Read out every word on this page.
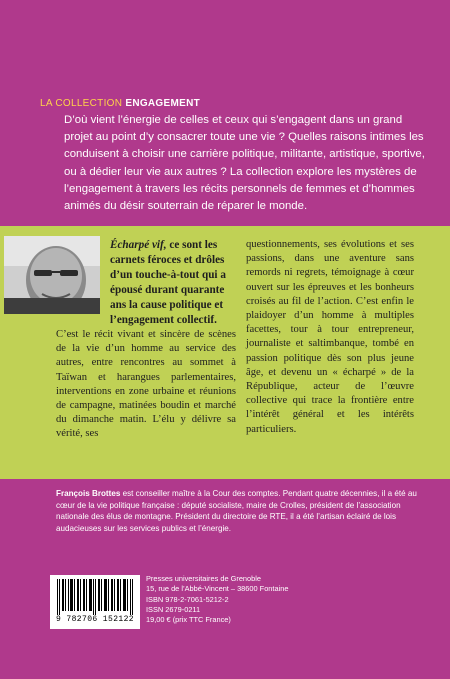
LA COLLECTION ENGAGEMENT

D’où vient l’énergie de celles et ceux qui s’engagent dans un grand projet au point d’y consacrer toute une vie ? Quelles raisons intimes les conduisent à choisir une carrière politique, militante, artistique, sportive, ou à dédier leur vie aux autres ? La collection explore les mystères de l’engagement à travers les récits personnels de femmes et d’hommes animés du désir souterrain de réparer le monde.

Écharpé vif, ce sont les carnets féroces et drôles d’un touche-à-tout qui a épousé durant quarante ans la cause politique et l’engagement collectif.

C’est le récit vivant et sincère de scènes de la vie d’un homme au service des autres, entre rencontres au sommet à Taïwan et harangues parlementaires, interventions en zone urbaine et réunions de campagne, matinées boudin et marché du dimanche matin. L’élu y délivre sa vérité, ses

questionnements, ses évolutions et ses passions, dans une aventure sans remords ni regrets, témoignage à cœur ouvert sur les épreuves et les bonheurs croisés au fil de l’action. C’est enfin le plaidoyer d’un homme à multiples facettes, tour à tour entrepreneur, journaliste et saltimbanque, tombé en passion politique dès son plus jeune âge, et devenu un « écharpé » de la République, acteur de l’œuvre collective qui trace la frontière entre l’intérêt général et les intérêts particuliers.

François Brottes est conseiller maître à la Cour des comptes. Pendant quatre décennies, il a été au cœur de la vie politique française : député socialiste, maire de Crolles, président de l’association nationale des élus de montagne. Président du directoire de RTE, il a été l’artisan éclairé de lois audacieuses sur les services publics et l’énergie.

9 782706 152122
Presses universitaires de Grenoble
15, rue de l’Abbé-Vincent – 38600 Fontaine
ISBN 978-2-7061-5212-2
ISSN 2679-0211
19,00 € (prix TTC France)
